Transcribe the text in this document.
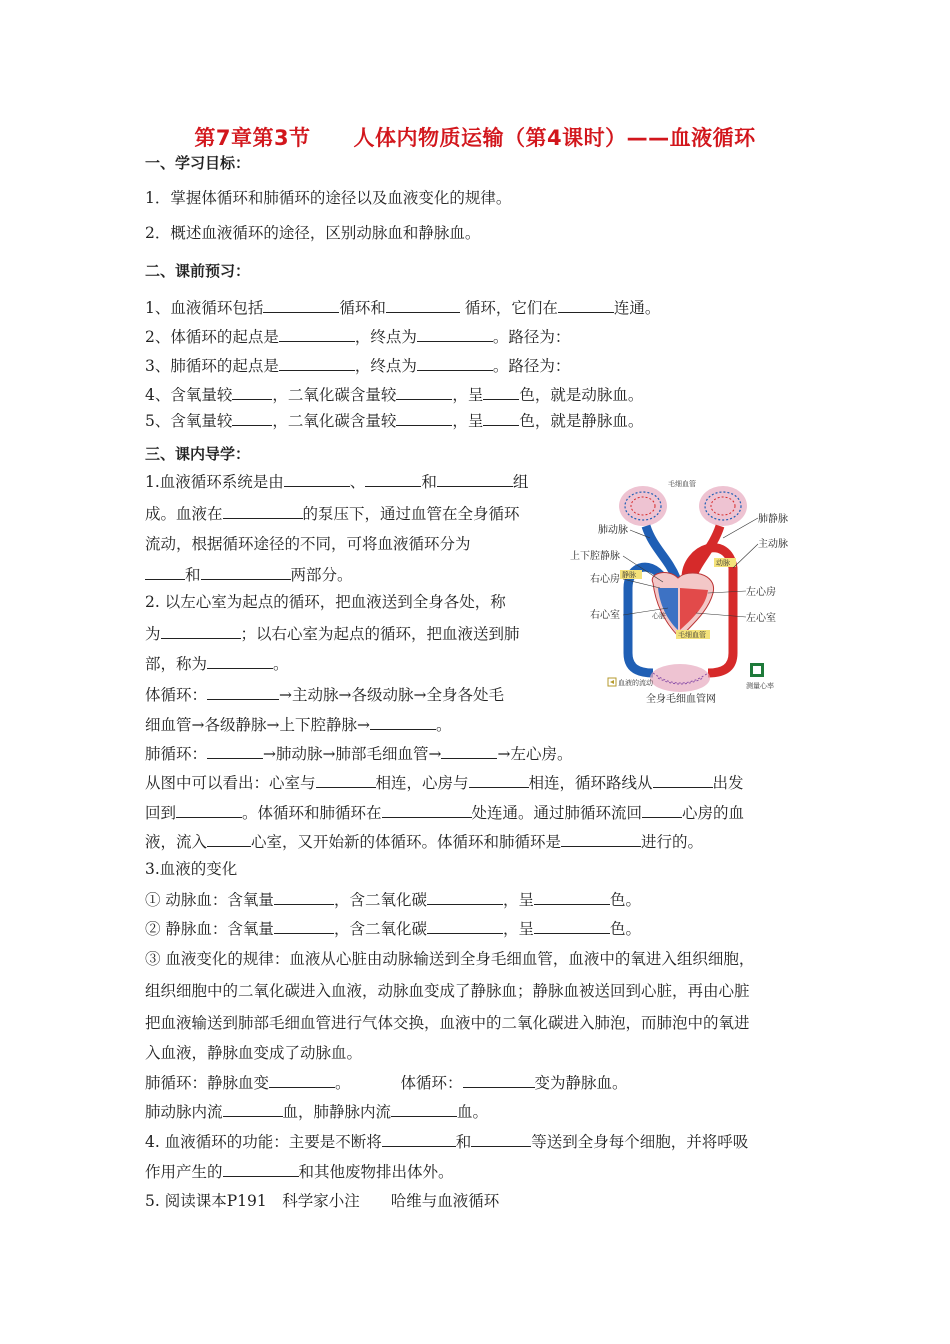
第7章第3节　　人体内物质运输（第4课时）——血液循环
一、学习目标：
1．掌握体循环和肺循环的途径以及血液变化的规律。
2．概述血液循环的途径，区别动脉血和静脉血。
二、课前预习：
1、血液循环包括	循环和	循环，它们在	连通。
2、体循环的起点是	，终点为	。路径为：
3、肺循环的起点是	，终点为	。路径为：
4、含氧量较	，二氧化碳含量较	，呈 色，就是动脉血。
5、含氧量较	，二氧化碳含量较	，呈 色，就是静脉血。
三、课内导学：
1.血液循环系统是由	、	和	组
成。血液在	的泵压下，通过血管在全身循环
流动，根据循环途径的不同，可将血液循环分为
和	两部分。
2. 以左心室为起点的循环，把血液送到全身各处，称
为	；以右心室为起点的循环，把血液送到肺
部，称为	。
体循环：	→主动脉→各级动脉→全身各处毛
细血管→各级静脉→上下腔静脉→	。
肺循环：	→肺动脉→肺部毛细血管→	→左心房。
从图中可以看出：心室与	相连，心房与	相连，循环路线从	出发
回到	。体循环和肺循环在	处连通。通过肺循环流回	心房的血
液，流入	心室，又开始新的体循环。体循环和肺循环是	进行的。
3.血液的变化
① 动脉血：含氧量	，含二氧化碳	，呈	色。
② 静脉血：含氧量	，含二氧化碳	，呈	色。
③ 血液变化的规律：血液从心脏由动脉输送到全身毛细血管，血液中的氧进入组织细胞，
组织细胞中的二氧化碳进入血液，动脉血变成了静脉血；静脉血被送回到心脏，再由心脏
把血液输送到肺部毛细血管进行气体交换，血液中的二氧化碳进入肺泡，而肺泡中的氧进
入血液，静脉血变成了动脉血。
肺循环：静脉血变	。	体循环：	变为静脉血。
肺动脉内流	血，肺静脉内流	血。
4. 血液循环的功能：主要是不断将	和	等送到全身每个细胞，并将呼吸
作用产生的	和其他废物排出体外。
5. 阅读课本P191　科学家小注　　哈维与血液循环
毛细血管
静脉
动脉
毛细血管
心脏
肺动脉
肺静脉
主动脉
上下腔静脉
右心房
左心房
右心室	左心室
全身毛细血管网
血液的流动	测量心率
